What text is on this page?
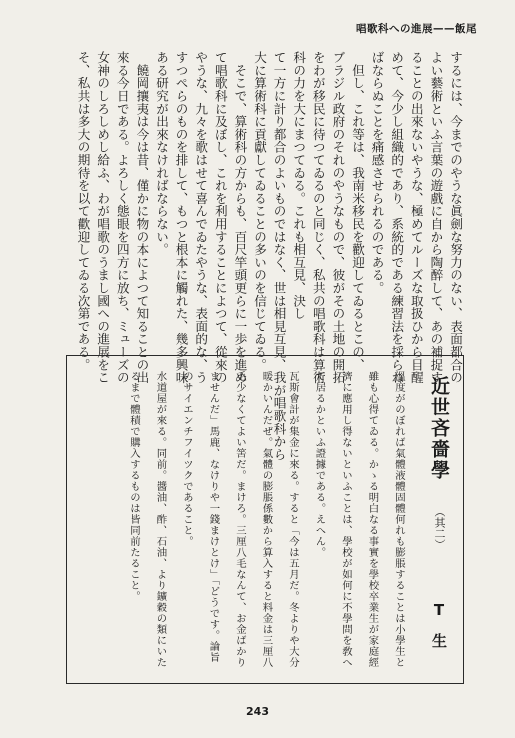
唱歌科への進展——飯尾
するには、今までのやうな眞劍な努力のない、表面都合の
よい藝術といふ言葉の遊戲に自から陶醉して、あの補捉す
ることの出來ないやうな、極めてルーズな取扱ひから目醒
めて、今少し組織的であり、系統的である練習法を採らね
ばならぬことを痛感させられるのである。
　但し、これ等は、我南米移民を歡迎してゐるとこの、
ブラジル政府のそれのやうなもので、彼がその土地の開拓
をわが移民に待つてゐるのと同じく、私共の唱歌科は算術
科の力を大にまつてゐる。これも相互見、決し
て一方に計り都合のよいものではなく、世は相見互見、我が唱歌科から
大に算術科に貢獻してゐることの多いのを信じてゐる。
　そこで、算術科の方からも、百尺竿頭更らに一歩を進め
て唱歌科に及ぼし、これを利用することによつて、從來の
やうな、九々を歌はせて喜んでゐたやうな、表面的な、う
すつぺらのものを排して、もつと根本に觸れた、幾多興味
ある研究が出來なければならない。
　饒岡攘夷は今は昔、僅かに物の本によつて知ることの出
來る今日である。よろしく態眼を四方に放ち、ミューズの
女神のしろしめし給ふ、わが唱歌のうまし國への進展をこ
そ、私共は多大の期待を以て歡迎してゐる次第である。
近世吝嗇學
（其二）
T生
溫度がのぼれば氣體液體固體何れも膨脹することは小學生と
雖も心得てゐる。かゝる明白なる事實を學校卒業生が家庭經
濟に應用し得ないといふことは、學校が如何に不學問を敎へ
て居るかといふ證據である。えへん。
瓦斯會計が集金に來る。すると「今は五月だ。冬よりや大分
暖かいんだぜ。氣體の膨脹係數から算入すると料金は三厘八
毛少なくてよい筈だ。まけろ。三厘八毛なんて、お金ばかり
ませんだ」馬鹿、なけりや一錢まけとけ」「どうです。論旨
のサイエンチフイツクであること。
水道屋が來る。同前。醬油、酢、石油、より鑛穀の類にいた
るまで體積で購入するものは皆同前たること。
243
